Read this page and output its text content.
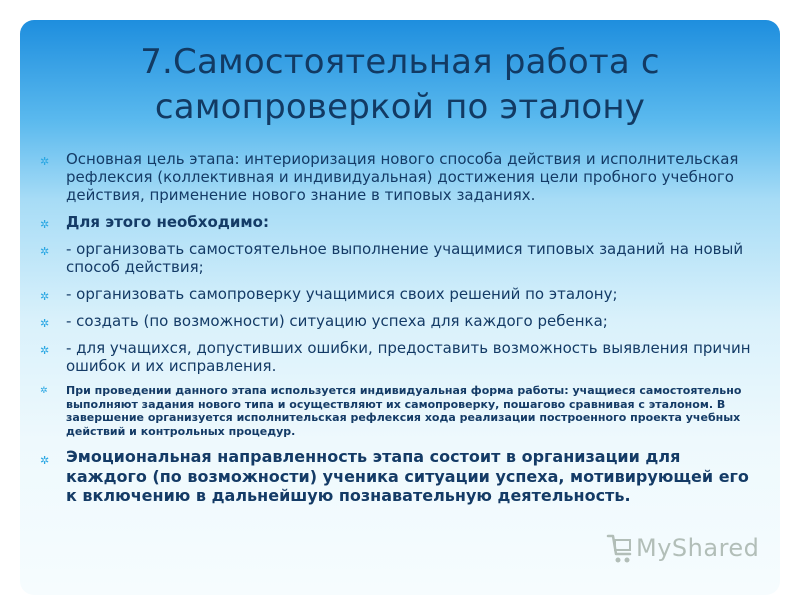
7.Самостоятельная работа с самопроверкой по эталону
✲ Основная цель этапа: интериоризация нового способа действия и исполнительская рефлексия (коллективная и индивидуальная) достижения цели пробного учебного действия, применение нового знание в типовых заданиях.
✲ Для этого необходимо:
✲ - организовать самостоятельное выполнение учащимися типовых заданий на новый способ действия;
✲ - организовать самопроверку учащимися своих решений по эталону;
✲ - создать (по возможности) ситуацию успеха для каждого ребенка;
✲ - для учащихся, допустивших ошибки, предоставить возможность выявления причин ошибок и их исправления.
✲ При проведении данного этапа используется индивидуальная форма работы: учащиеся самостоятельно выполняют задания нового типа и осуществляют их самопроверку, пошагово сравнивая с эталоном. В завершение организуется исполнительская рефлексия хода реализации построенного проекта учебных действий и контрольных процедур.
✲ Эмоциональная направленность этапа состоит в организации для каждого (по возможности) ученика ситуации успеха, мотивирующей его к включению в дальнейшую познавательную деятельность.
MyShared
